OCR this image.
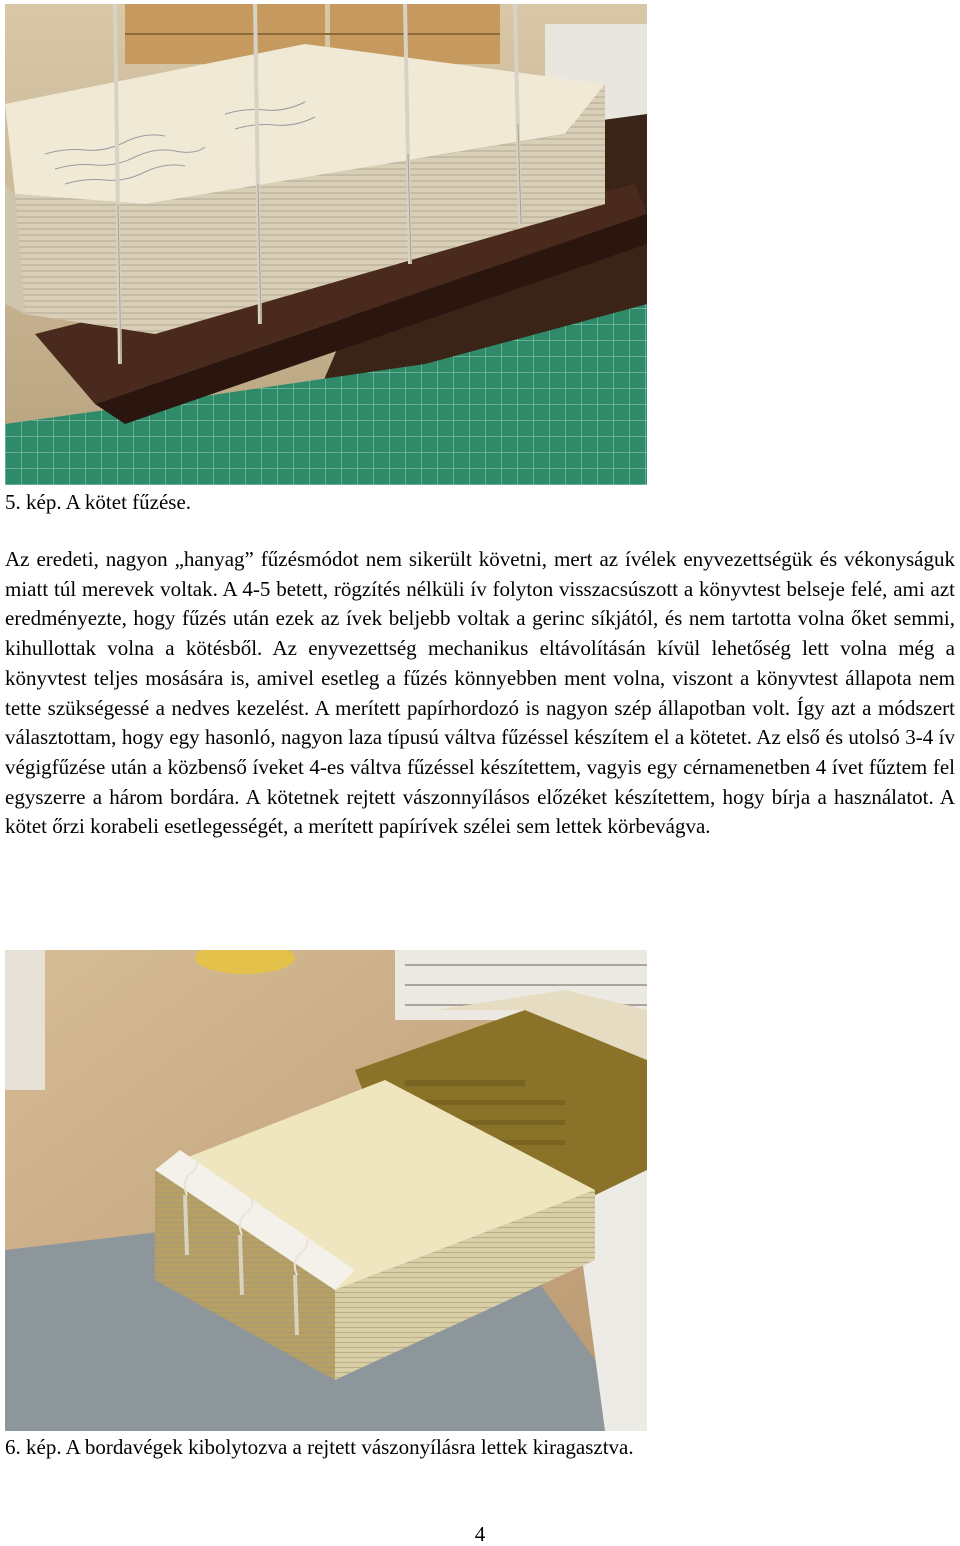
5. kép. A kötet fűzése.

Az eredeti, nagyon „hanyag” fűzésmódot nem sikerült követni, mert az ívélek enyvezettségük és vékonyságuk miatt túl merevek voltak. A 4-5 betett, rögzítés nélküli ív folyton visszacsúszott a könyvtest belseje felé, ami azt eredményezte, hogy fűzés után ezek az ívek beljebb voltak a gerinc síkjától, és nem tartotta volna őket semmi, kihullottak volna a kötésből. Az enyvezettség mechanikus eltávolításán kívül lehetőség lett volna még a könyvtest teljes mosására is, amivel esetleg a fűzés könnyebben ment volna, viszont a könyvtest állapota nem tette szükségessé a nedves kezelést. A merített papírhordozó is nagyon szép állapotban volt. Így azt a módszert választottam, hogy egy hasonló, nagyon laza típusú váltva fűzéssel készítem el a kötetet. Az első és utolsó 3-4 ív végigfűzése után a közbenső íveket 4-es váltva fűzéssel készítettem, vagyis egy cérnamenetben 4 ívet fűztem fel egyszerre a három bordára. A kötetnek rejtett vászonnyílásos előzéket készítettem, hogy bírja a használatot. A kötet őrzi korabeli esetlegességét, a merített papírívek szélei sem lettek körbevágva.

6. kép. A bordavégek kibolytozva a rejtett vászonyílásra lettek kiragasztva.
4
